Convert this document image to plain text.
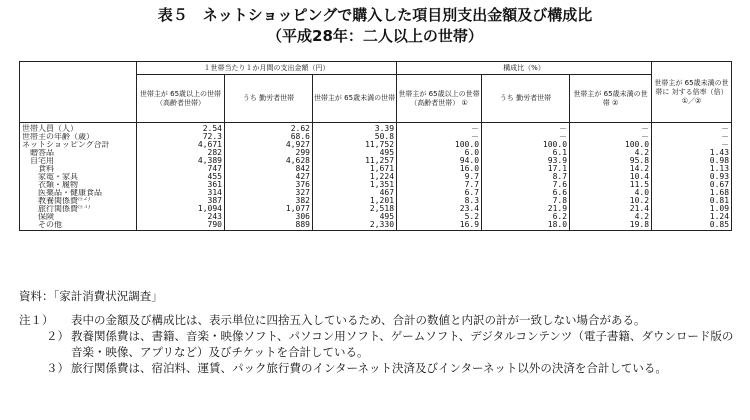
表５　ネットショッピングで購入した項目別支出金額及び構成比
（平成28年：二人以上の世帯）
	１世帯当たり１か月間の支出金額（円）			構成比（%）			世帯主が 65歳未満の世帯に 対する倍率（倍） ①／②
	世帯主が 65歳以上の世帯 （高齢者世帯）	うち 勤労者世帯	世帯主が 65歳未満の世帯	世帯主が 65歳以上の世帯 （高齢者世帯） ①	うち 勤労者世帯	世帯主が 65歳未満の世帯 ②	
世帯人員（人）	2.54	2.62	3.39	－	－	－	－
世帯主の年齢（歳）	72.3	68.6	50.8	－	－	－	－
ネットショッピング合計	4,671	4,927	11,752	100.0	100.0	100.0	－
贈答品	282	299	495	6.0	6.1	4.2	1.43
自宅用	4,389	4,628	11,257	94.0	93.9	95.8	0.98
食料	747	842	1,671	16.0	17.1	14.2	1.13
家電・家具	455	427	1,224	9.7	8.7	10.4	0.93
衣類・履物	361	376	1,351	7.7	7.6	11.5	0.67
医薬品・健康食品	314	327	467	6.7	6.6	4.0	1.68
教養関係費$^{注2)}$	387	382	1,201	8.3	7.8	10.2	0.81
旅行関係費$^{注3)}$	1,094	1,077	2,518	23.4	21.9	21.4	1.09
保険	243	306	495	5.2	6.2	4.2	1.24
その他	790	889	2,330	16.9	18.0	19.8	0.85
資料：「家計消費状況調査」
注１）	表中の金額及び構成比は、表示単位に四捨五入しているため、合計の数値と内訳の計が一致しない場合がある。
２） 教養関係費は、書籍、音楽・映像ソフト、パソコン用ソフト、ゲームソフト、デジタルコンテンツ（電子書籍、ダウンロード版の音楽・映像、アプリなど）及びチケットを合計している。
３） 旅行関係費は、宿泊料、運賃、パック旅行費のインターネット決済及びインターネット以外の決済を合計している。
